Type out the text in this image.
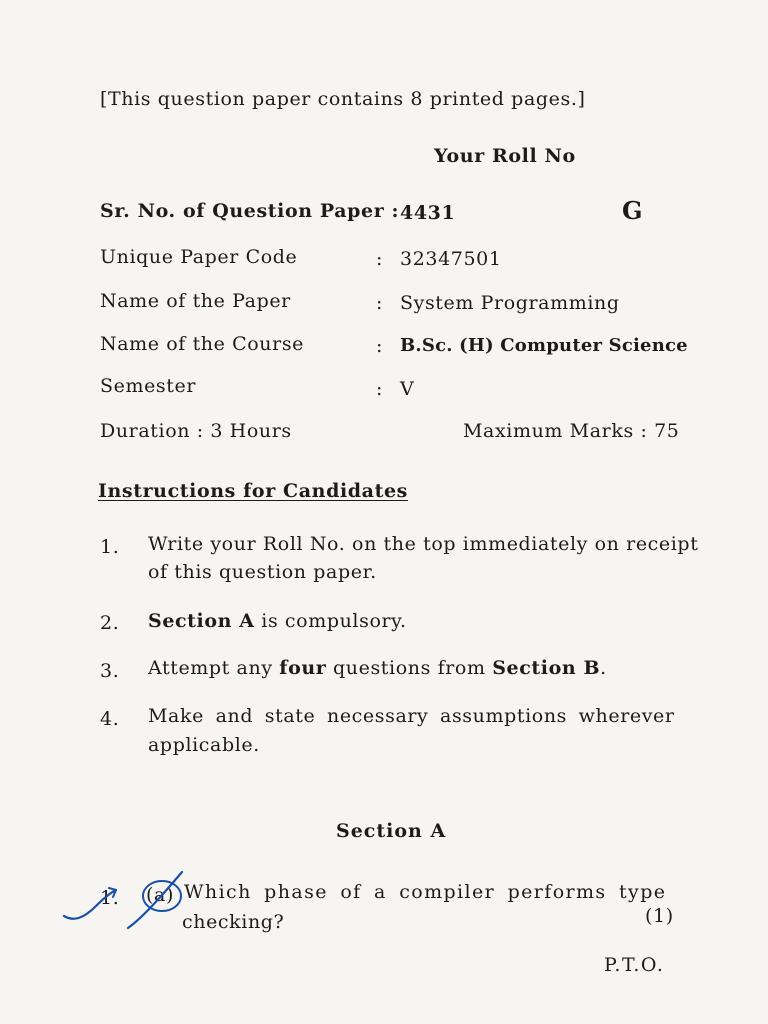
[This question paper contains 8 printed pages.]
Your Roll No
Sr. No. of Question Paper : 4431	G
Unique Paper Code	: 32347501
Name of the Paper	: System Programming
Name of the Course	: B.Sc. (H) Computer Science
Semester	: V
Duration : 3 Hours	Maximum Marks : 75
Instructions for Candidates
1. Write your Roll No. on the top immediately on receipt
of this question paper.
2. Section A is compulsory.
3. Attempt any four questions from Section B.
4. Make and state necessary assumptions wherever
applicable.
Section A
1. (a) Which phase of a compiler performs type
checking?	(1)
P.T.O.
